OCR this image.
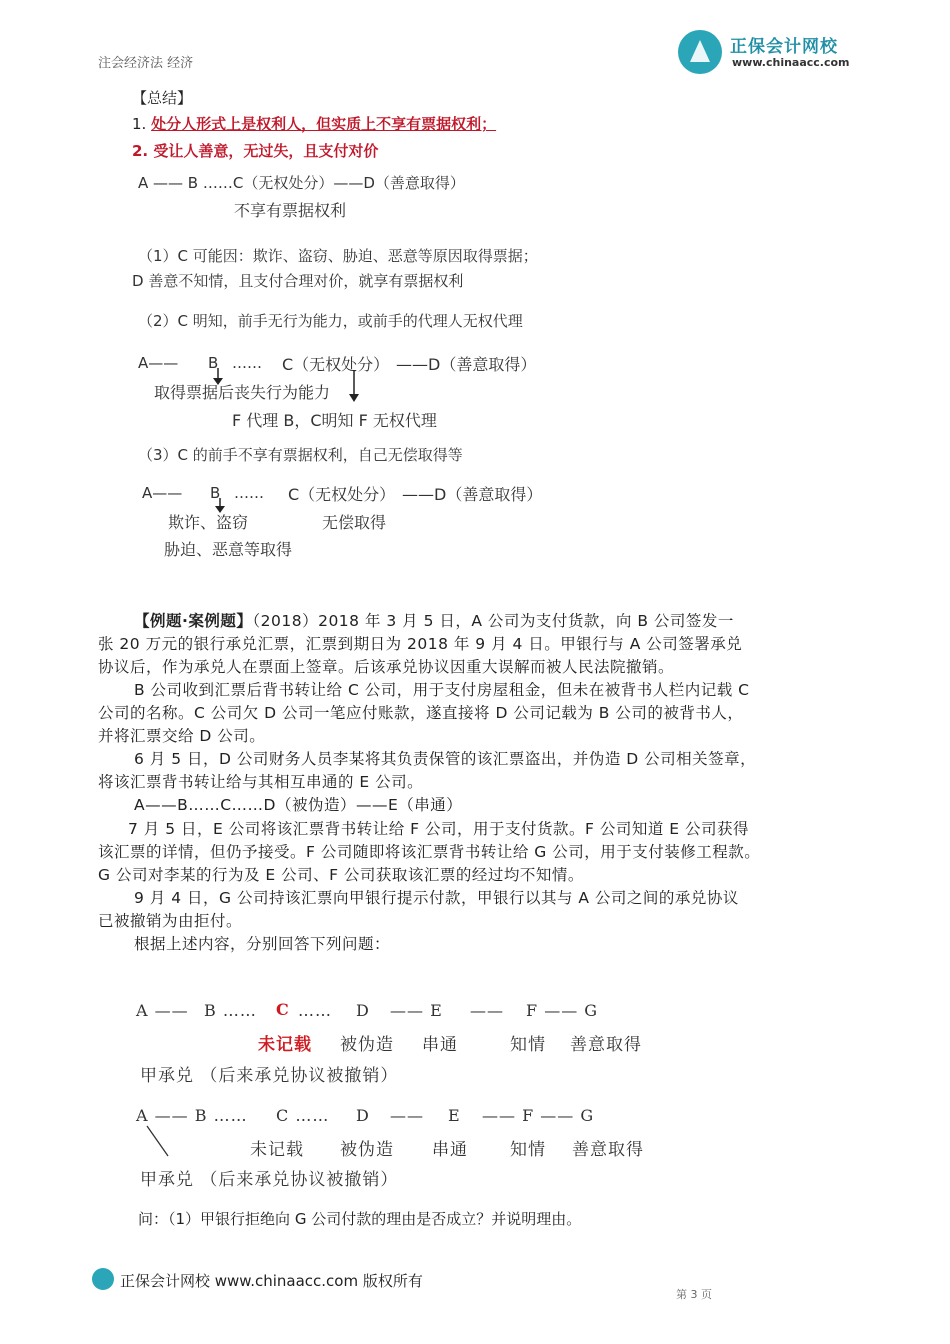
注会经济法 经济
正保会计网校
www.chinaacc.com
【总结】
1. 处分人形式上是权利人，但实质上不享有票据权利；
2. 受让人善意，无过失，且支付对价
A —— B ……C（无权处分）——D（善意取得）
不享有票据权利
（1）C 可能因：欺诈、盗窃、胁迫、恶意等原因取得票据；
D 善意不知情，且支付合理对价，就享有票据权利
（2）C 明知，前手无行为能力，或前手的代理人无权代理
A—— B …… C（无权处分） ——D（善意取得）
取得票据后丧失行为能力
F 代理 B，C明知 F 无权代理
（3）C 的前手不享有票据权利，自己无偿取得等
A—— B …… C（无权处分） ——D（善意取得）
欺诈、盗窃	无偿取得
胁迫、恶意等取得
【例题·案例题】（2018）2018 年 3 月 5 日，A 公司为支付货款，向 B 公司签发一
张 20 万元的银行承兑汇票，汇票到期日为 2018 年 9 月 4 日。甲银行与 A 公司签署承兑
协议后，作为承兑人在票面上签章。后该承兑协议因重大误解而被人民法院撤销。
B 公司收到汇票后背书转让给 C 公司，用于支付房屋租金，但未在被背书人栏内记载 C
公司的名称。C 公司欠 D 公司一笔应付账款，遂直接将 D 公司记载为 B 公司的被背书人，
并将汇票交给 D 公司。
6 月 5 日，D 公司财务人员李某将其负责保管的该汇票盗出，并伪造 D 公司相关签章，
将该汇票背书转让给与其相互串通的 E 公司。
A——B……C……D（被伪造）——E（串通）
7 月 5 日，E 公司将该汇票背书转让给 F 公司，用于支付货款。F 公司知道 E 公司获得
该汇票的详情，但仍予接受。F 公司随即将该汇票背书转让给 G 公司，用于支付装修工程款。
G 公司对李某的行为及 E 公司、F 公司获取该汇票的经过均不知情。
9 月 4 日，G 公司持该汇票向甲银行提示付款，甲银行以其与 A 公司之间的承兑协议
已被撤销为由拒付。
根据上述内容，分别回答下列问题：
A —— B …… C …… D —— E —— F —— G
未记载 被伪造 串通	知情 善意取得
甲承兑 （后来承兑协议被撤销）
A —— B …… C …… D —— E —— F —— G
未记载 被伪造 串通 知情 善意取得
甲承兑 （后来承兑协议被撤销）
问：（1）甲银行拒绝向 G 公司付款的理由是否成立？并说明理由。
正保会计网校 www.chinaacc.com 版权所有
第 3 页
